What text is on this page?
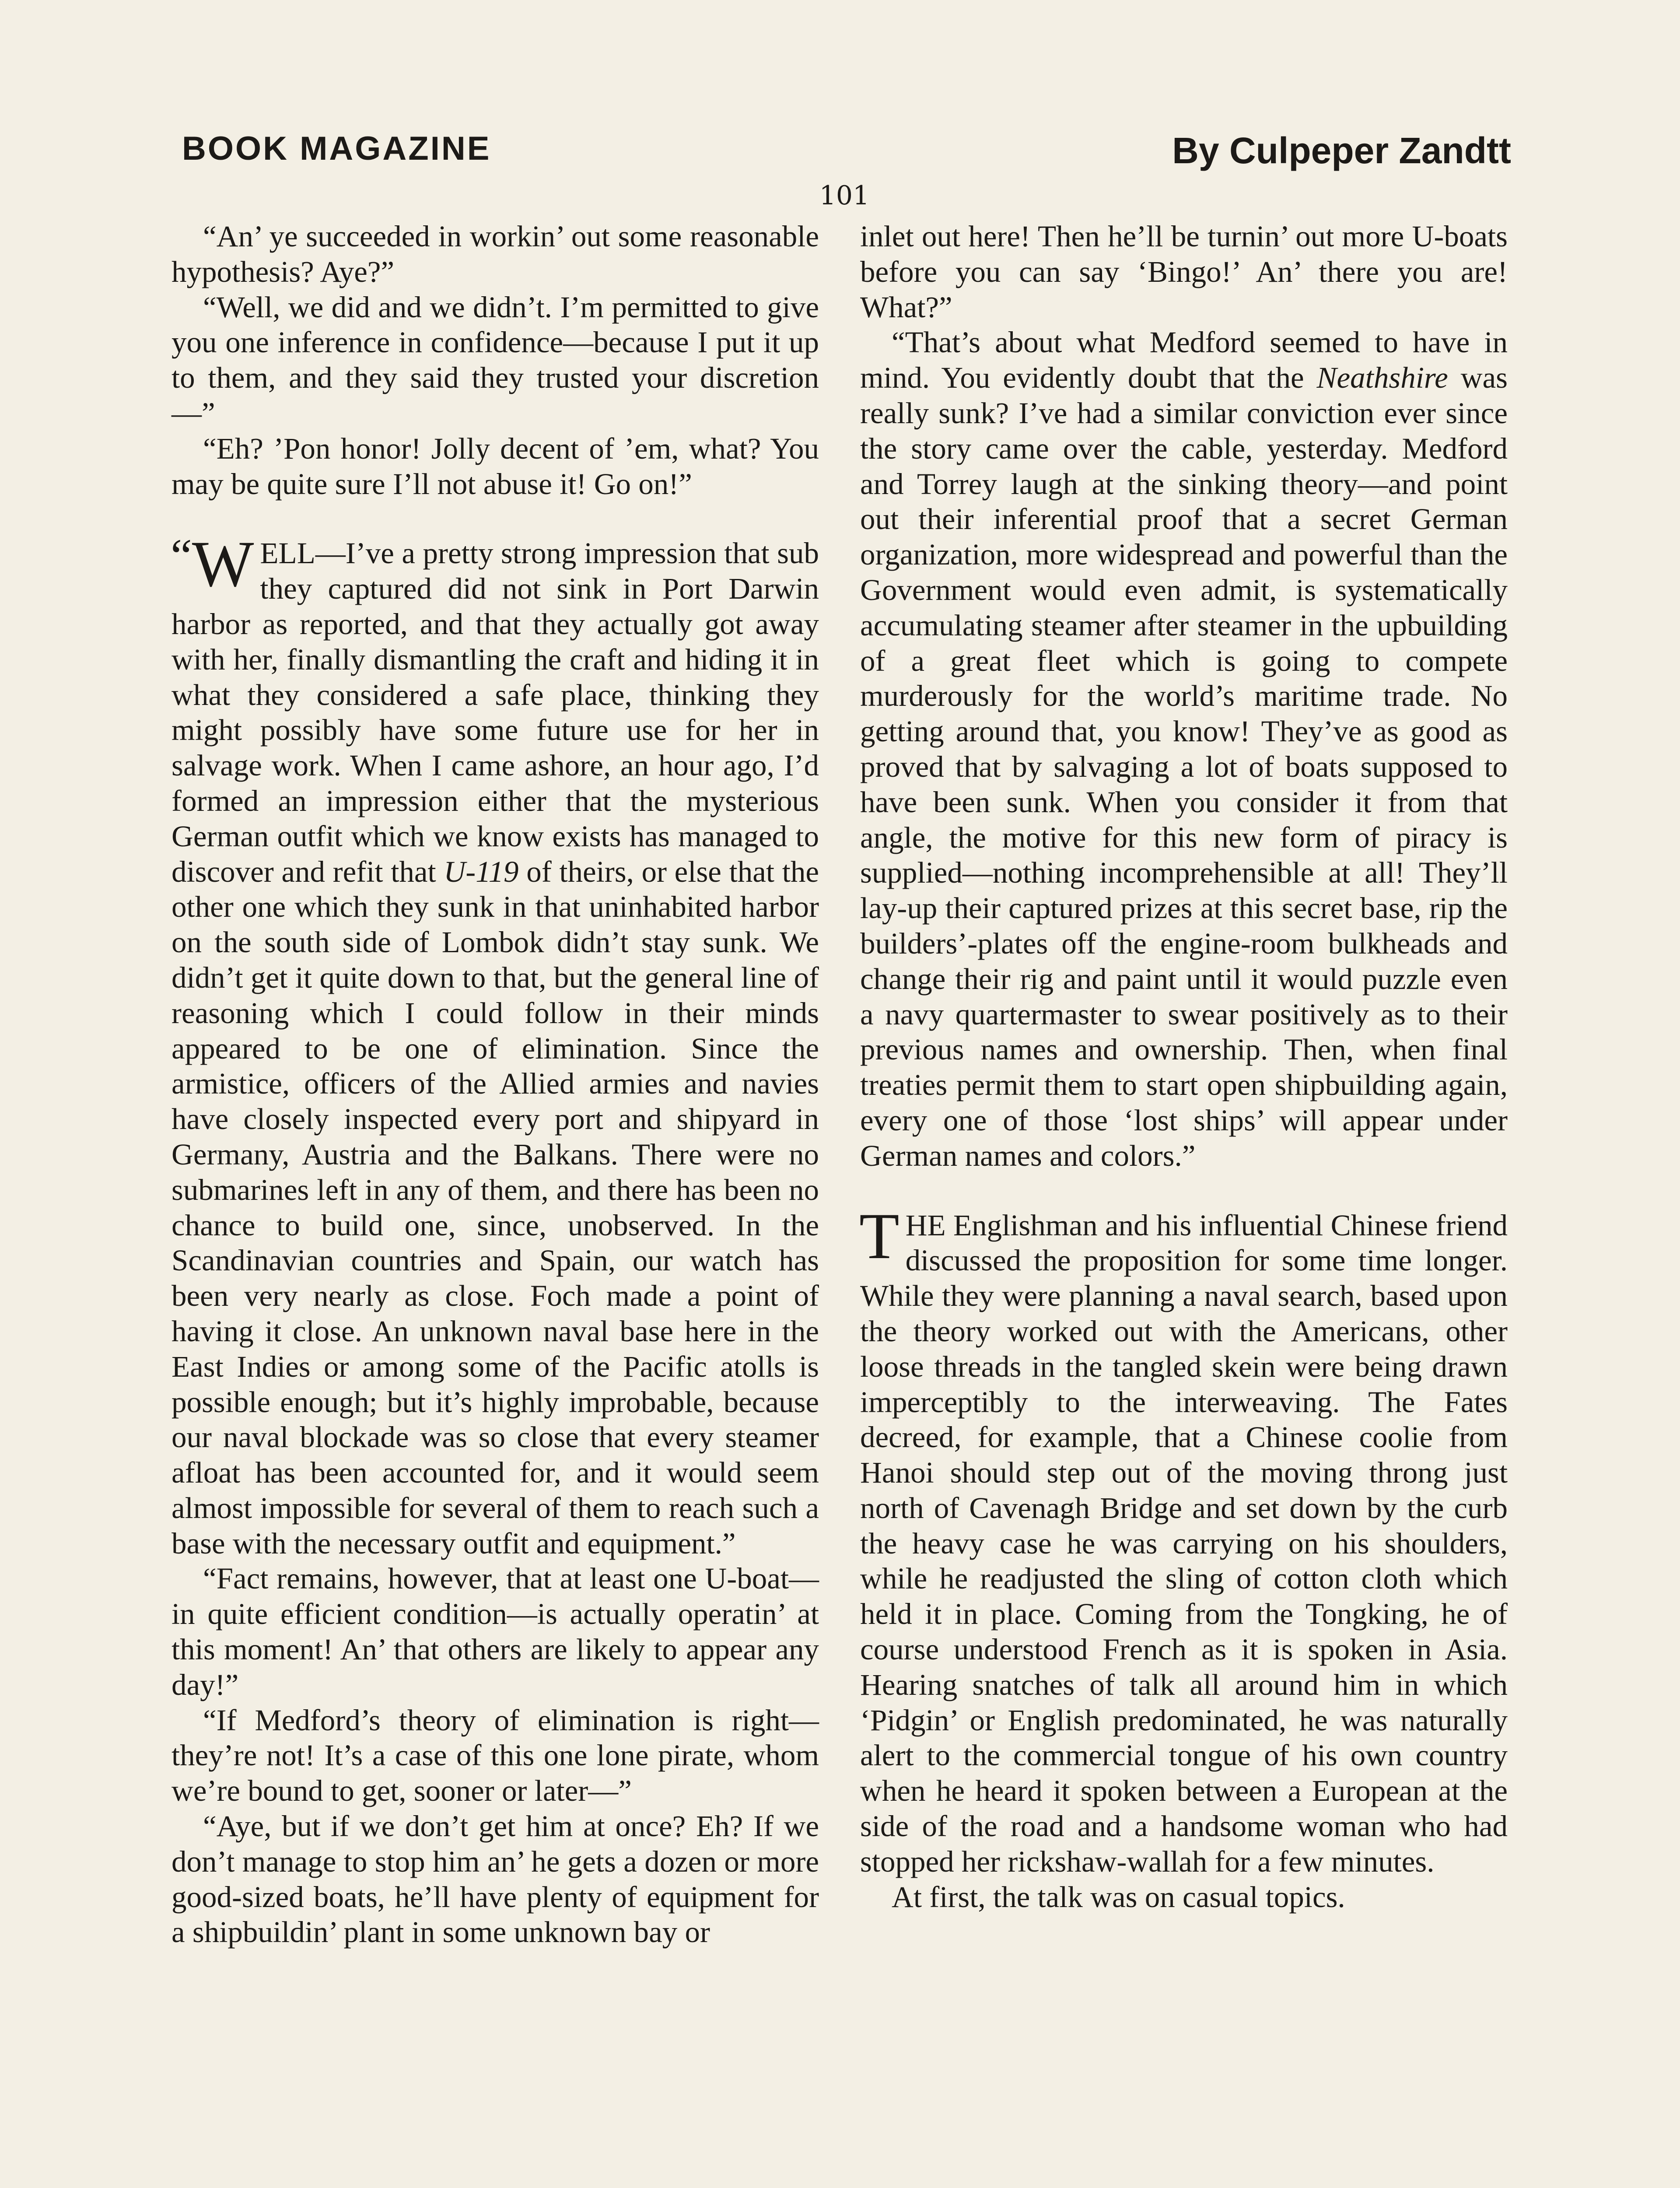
BOOK MAGAZINE	By Culpeper Zandtt
101

“An’ ye succeeded in workin’ out some reasonable hypothesis? Aye?”

“Well, we did and we didn’t. I’m permitted to give you one inference in confidence—because I put it up to them, and they said they trusted your discretion—”

“Eh? ’Pon honor! Jolly decent of ’em, what? You may be quite sure I’ll not abuse it! Go on!”

“W ELL—I’ve a pretty strong impression that sub they captured did not sink in Port Darwin harbor as reported, and that they actually got away with her, finally dismantling the craft and hiding it in what they considered a safe place, thinking they might possibly have some future use for her in salvage work. When I came ashore, an hour ago, I’d formed an impression either that the mysterious German outfit which we know exists has managed to discover and refit that U-119 of theirs, or else that the other one which they sunk in that uninhabited harbor on the south side of Lombok didn’t stay sunk. We didn’t get it quite down to that, but the general line of reasoning which I could follow in their minds appeared to be one of elimination. Since the armistice, officers of the Allied armies and navies have closely inspected every port and shipyard in Germany, Austria and the Balkans. There were no submarines left in any of them, and there has been no chance to build one, since, unobserved. In the Scandinavian countries and Spain, our watch has been very nearly as close. Foch made a point of having it close. An unknown naval base here in the East Indies or among some of the Pacific atolls is possible enough; but it’s highly improbable, because our naval blockade was so close that every steamer afloat has been accounted for, and it would seem almost impossible for several of them to reach such a base with the necessary outfit and equipment.”

“Fact remains, however, that at least one U-boat—in quite efficient condition—is actually operatin’ at this moment! An’ that others are likely to appear any day!”

“If Medford’s theory of elimination is right—they’re not! It’s a case of this one lone pirate, whom we’re bound to get, sooner or later—”

“Aye, but if we don’t get him at once? Eh? If we don’t manage to stop him an’ he gets a dozen or more good-sized boats, he’ll have plenty of equipment for a shipbuildin’ plant in some unknown bay or

inlet out here! Then he’ll be turnin’ out more U-boats before you can say ‘Bingo!’ An’ there you are! What?”

“That’s about what Medford seemed to have in mind. You evidently doubt that the Neathshire was really sunk? I’ve had a similar conviction ever since the story came over the cable, yesterday. Medford and Torrey laugh at the sinking theory—and point out their inferential proof that a secret German organization, more widespread and powerful than the Government would even admit, is systematically accumulating steamer after steamer in the upbuilding of a great fleet which is going to compete murderously for the world’s maritime trade. No getting around that, you know! They’ve as good as proved that by salvaging a lot of boats supposed to have been sunk. When you consider it from that angle, the motive for this new form of piracy is supplied—nothing incomprehensible at all! They’ll lay-up their captured prizes at this secret base, rip the builders’-plates off the engine-room bulkheads and change their rig and paint until it would puzzle even a navy quartermaster to swear positively as to their previous names and ownership. Then, when final treaties permit them to start open shipbuilding again, every one of those ‘lost ships’ will appear under German names and colors.”

THE Englishman and his influential Chinese friend discussed the proposition for some time longer. While they were planning a naval search, based upon the theory worked out with the Americans, other loose threads in the tangled skein were being drawn imperceptibly to the interweaving. The Fates decreed, for example, that a Chinese coolie from Hanoi should step out of the moving throng just north of Cavenagh Bridge and set down by the curb the heavy case he was carrying on his shoulders, while he readjusted the sling of cotton cloth which held it in place. Coming from the Tongking, he of course understood French as it is spoken in Asia. Hearing snatches of talk all around him in which ‘Pidgin’ or English predominated, he was naturally alert to the commercial tongue of his own country when he heard it spoken between a European at the side of the road and a handsome woman who had stopped her rickshaw-wallah for a few minutes.

At first, the talk was on casual topics.
